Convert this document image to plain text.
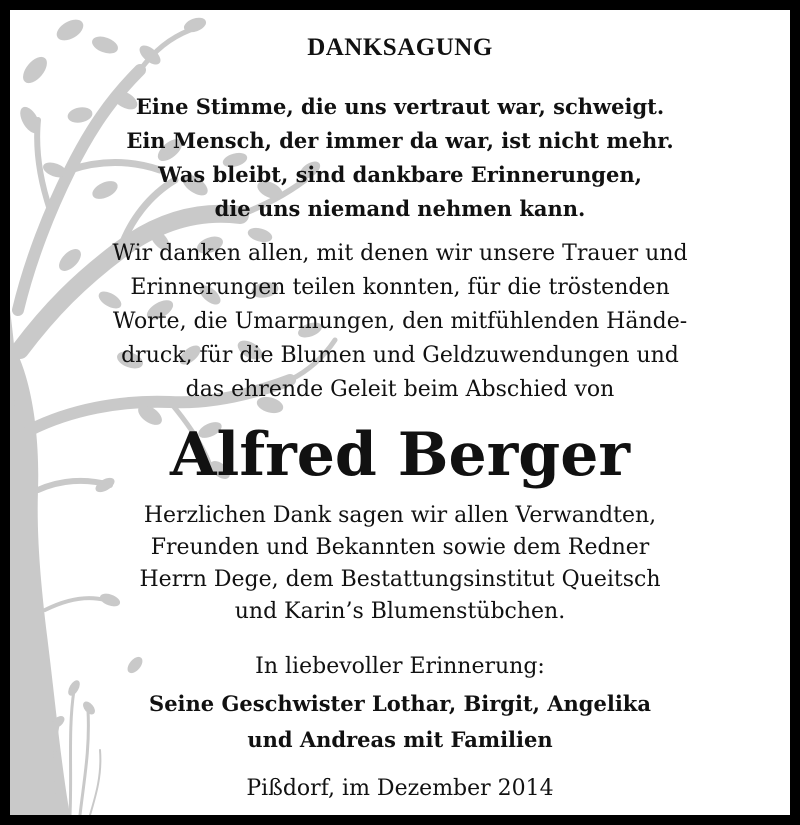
DANKSAGUNG
Eine Stimme, die uns vertraut war, schweigt.
Ein Mensch, der immer da war, ist nicht mehr.
Was bleibt, sind dankbare Erinnerungen,
die uns niemand nehmen kann.
Wir danken allen, mit denen wir unsere Trauer und
Erinnerungen teilen konnten, für die tröstenden
Worte, die Umarmungen, den mitfühlenden Hände-
druck, für die Blumen und Geldzuwendungen und
das ehrende Geleit beim Abschied von
Alfred Berger
Herzlichen Dank sagen wir allen Verwandten,
Freunden und Bekannten sowie dem Redner
Herrn Dege, dem Bestattungsinstitut Queitsch
und Karin’s Blumenstübchen.
In liebevoller Erinnerung:
Seine Geschwister Lothar, Birgit, Angelika
und Andreas mit Familien
Pißdorf, im Dezember 2014
